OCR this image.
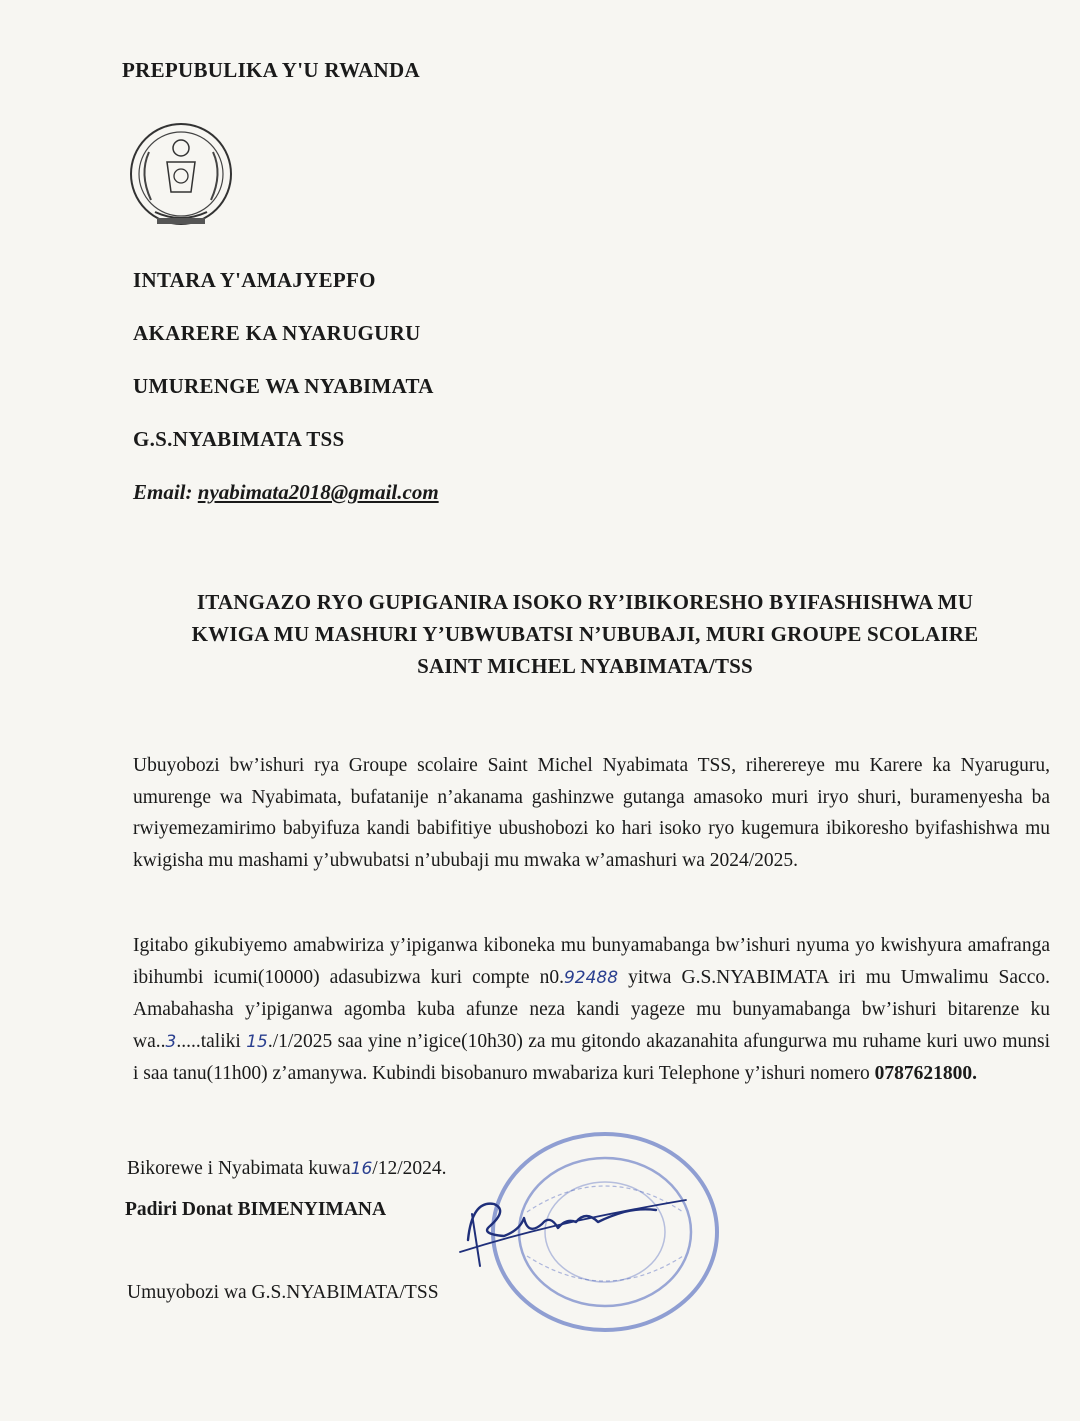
PREPUBULIKA Y'U RWANDA
INTARA Y'AMAJYEPFO
AKARERE KA NYARUGURU
UMURENGE WA NYABIMATA
G.S.NYABIMATA TSS
Email: nyabimata2018@gmail.com
ITANGAZO RYO GUPIGANIRA ISOKO RY’IBIKORESHO BYIFASHISHWA MU
KWIGA MU MASHURI Y’UBWUBATSI N’UBUBAJI, MURI GROUPE SCOLAIRE
SAINT MICHEL NYABIMATA/TSS
Ubuyobozi bw’ishuri rya Groupe scolaire Saint Michel Nyabimata TSS, riherereye mu Karere ka Nyaruguru, umurenge wa Nyabimata, bufatanije n’akanama gashinzwe gutanga amasoko muri iryo shuri, buramenyesha ba rwiyemezamirimo babyifuza kandi babifitiye ubushobozi ko hari isoko ryo kugemura ibikoresho byifashishwa mu kwigisha mu mashami y’ubwubatsi n’ububaji mu mwaka w’amashuri wa 2024/2025.
Igitabo gikubiyemo amabwiriza y’ipiganwa kiboneka mu bunyamabanga bw’ishuri nyuma yo kwishyura amafranga ibihumbi icumi(10000) adasubizwa kuri compte n0.92488 yitwa G.S.NYABIMATA iri mu Umwalimu Sacco. Amabahasha y’ipiganwa agomba kuba afunze neza kandi yageze mu bunyamabanga bw’ishuri bitarenze ku wa..3.....taliki 15./1/2025 saa yine n’igice(10h30) za mu gitondo akazanahita afungurwa mu ruhame kuri uwo munsi i saa tanu(11h00) z’amanywa. Kubindi bisobanuro mwabariza kuri Telephone y’ishuri nomero 0787621800.
Bikorewe i Nyabimata kuwa16/12/2024.
Padiri Donat BIMENYIMANA
Umuyobozi wa G.S.NYABIMATA/TSS
